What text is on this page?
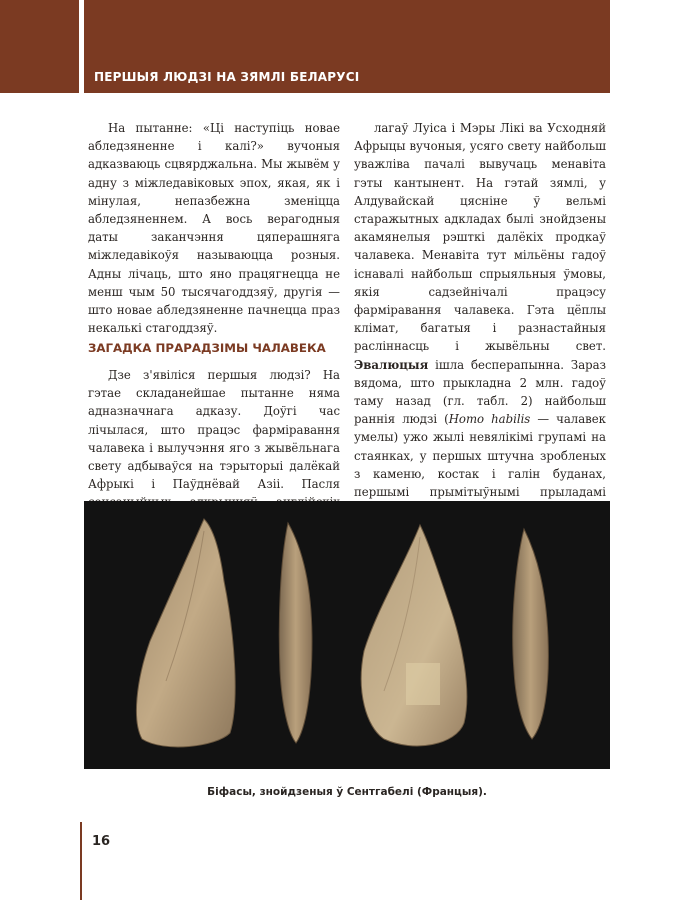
ПЕРШЫЯ ЛЮДЗІ НА ЗЯМЛІ БЕЛАРУСІ

На пытанне: «Ці наступіць новае абледзяненне і калі?» вучоныя адказваюць сцвярджальна. Мы жывём у адну з міжледавіковых эпох, якая, як і мінулая, непазбежна зменіцца абледзяненнем. А вось верагодныя даты заканчэння цяперашняга міжледавікоўя называюцца розныя. Адны лічаць, што яно працягнецца не менш чым 50 тысячагоддзяў, другія — што новае абледзяненне пачнецца праз некалькі стагоддзяў.

ЗАГАДКА ПРАРАДЗІМЫ ЧАЛАВЕКА

Дзе з'явіліся першыя людзі? На гэтае складанейшае пытанне няма адназначнага адказу. Доўгі час лічылася, што працэс фарміравання чалавека і вылучэння яго з жывёльнага свету адбываўся на тэрыторыі далёкай Афрыкі і Паўднёвай Азіі. Пасля

лагаў Луіса і Мэры Лікі ва Усходняй Афрыцы вучоныя, усяго свету найбольш уважліва пачалі вывучаць менавіта гэты кантынент. На гэтай зямлі, у Алдувайскай цясніне ў вельмі старажытных адкладах былі знойдзены акамянелыя рэшткі далёкіх продкаў чалавека. Менавіта тут мільёны гадоў існавалі найбольш спрыяльныя ўмовы, якія садзейнічалі працэсу фарміравання чалавека. Гэта цёплы клімат, багатыя і разнастайныя раслiннасць і жывёльны свет. Эвалюцыя ішла бесперапынна. Зараз вядома, што прыкладна 2 млн. гадоў таму назад (гл. табл. 2) найбольш раннія людзі (Homo habilis — чалавек умелы) ужо жылі невялікімі групамі на стаянках, у першых штучна зробленых з каменю, костак і галін буданах, першымі прымітыўнымі прыладамі

Біфасы, знойдзеныя ў Сентгабелі (Францыя).
16
